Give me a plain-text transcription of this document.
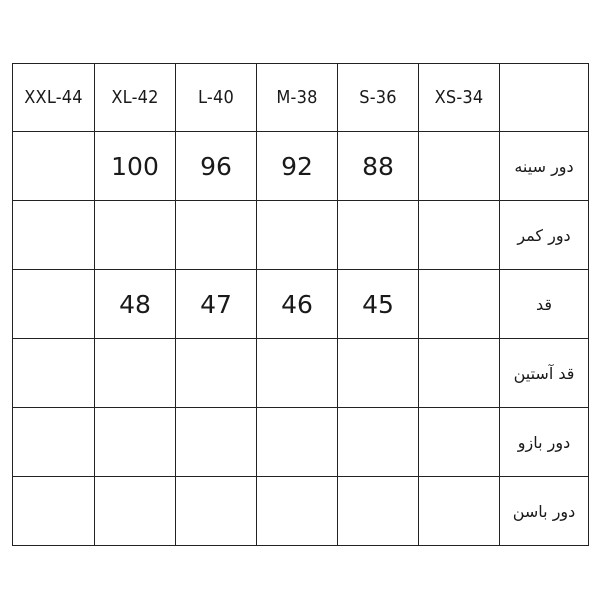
XXL-44	XL-42	L-40	M-38	S-36	XS-34	
	100	96	92	88		دور سینه
						دور کمر
	48	47	46	45		قد
						قد آستین
						دور بازو
						دور باسن
